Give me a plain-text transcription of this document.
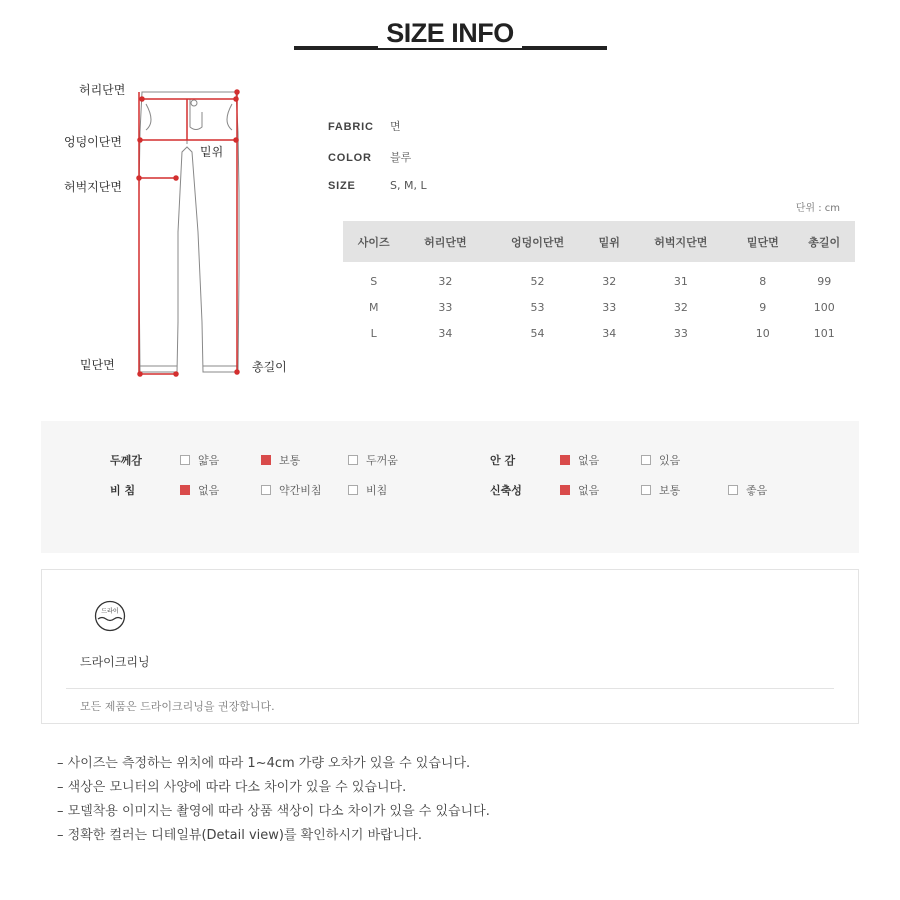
SIZE INFO
허리단면
엉덩이단면
밑위
허벅지단면
밑단면	총길이
FABRIC 면
COLOR 블루
SIZE	S, M, L
단위 : cm
사이즈	허리단면	엉덩이단면	밑위	허벅지단면	밑단면	총길이
S	32	52	32	31	8	99
M	33	53	33	32	9	100
L	34	54	34	33	10	101
두께감	얇음	보통	두꺼움	안 감	없음	있음
비 침	없음	약간비침	비침	신축성	없음	보통	좋음
드라이
드라이크리닝
모든 제품은 드라이크리닝을 권장합니다.
– 사이즈는 측정하는 위치에 따라 1~4cm 가량 오차가 있을 수 있습니다.
– 색상은 모니터의 사양에 따라 다소 차이가 있을 수 있습니다.
– 모델착용 이미지는 촬영에 따라 상품 색상이 다소 차이가 있을 수 있습니다.
– 정확한 컬러는 디테일뷰(Detail view)를 확인하시기 바랍니다.
